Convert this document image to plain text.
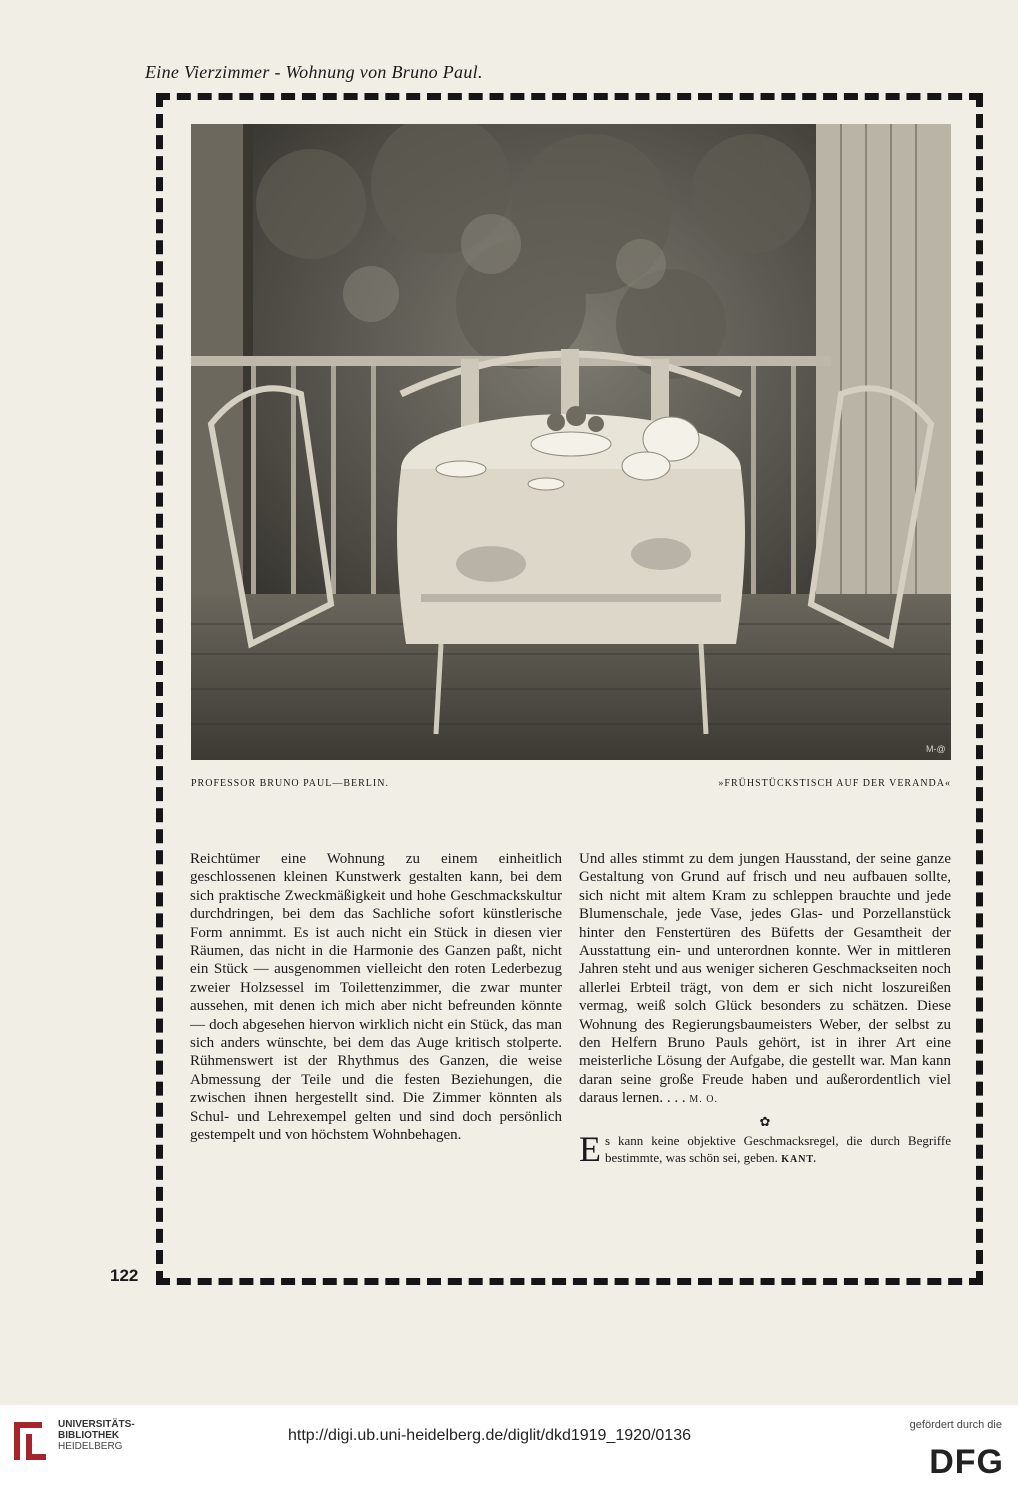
Eine Vierzimmer - Wohnung von Bruno Paul.
M-@
PROFESSOR BRUNO PAUL—BERLIN.	»FRÜHSTÜCKSTISCH AUF DER VERANDA«

Reichtümer eine Wohnung zu einem einheitlich geschlossenen kleinen Kunstwerk gestalten kann, bei dem sich praktische Zweckmäßigkeit und hohe Geschmackskultur durchdringen, bei dem das Sachliche sofort künstlerische Form annimmt. Es ist auch nicht ein Stück in diesen vier Räumen, das nicht in die Harmonie des Ganzen paßt, nicht ein Stück — ausgenommen vielleicht den roten Lederbezug zweier Holzsessel im Toilettenzimmer, die zwar munter aussehen, mit denen ich mich aber nicht befreunden könnte — doch abgesehen hiervon wirklich nicht ein Stück, das man sich anders wünschte, bei dem das Auge kritisch stolperte. Rühmenswert ist der Rhythmus des Ganzen, die weise Abmessung der Teile und die festen Beziehungen, die zwischen ihnen hergestellt sind. Die Zimmer könnten als Schul- und Lehrexempel gelten und sind doch persönlich gestempelt und von höchstem Wohnbehagen.

Und alles stimmt zu dem jungen Hausstand, der seine ganze Gestaltung von Grund auf frisch und neu aufbauen sollte, sich nicht mit altem Kram zu schleppen brauchte und jede Blumenschale, jede Vase, jedes Glas- und Porzellanstück hinter den Fenstertüren des Büfetts der Gesamtheit der Ausstattung ein- und unterordnen konnte. Wer in mittleren Jahren steht und aus weniger sicheren Geschmackseiten noch allerlei Erbteil trägt, von dem er sich nicht loszureißen vermag, weiß solch Glück besonders zu schätzen. Diese Wohnung des Regierungsbaumeisters Weber, der selbst zu den Helfern Bruno Pauls gehört, ist in ihrer Art eine meisterliche Lösung der Aufgabe, die gestellt war. Man kann daran seine große Freude haben und außerordentlich viel daraus lernen. . . . M. O.

✿
Es kann keine objektive Geschmacksregel, die durch Begriffe bestimmte, was schön sei, geben. KANT.
122
UNIVERSITÄTS-
BIBLIOTHEK
HEIDELBERG
http://digi.ub.uni-heidelberg.de/diglit/dkd1919_1920/0136
gefördert durch die
DFG
